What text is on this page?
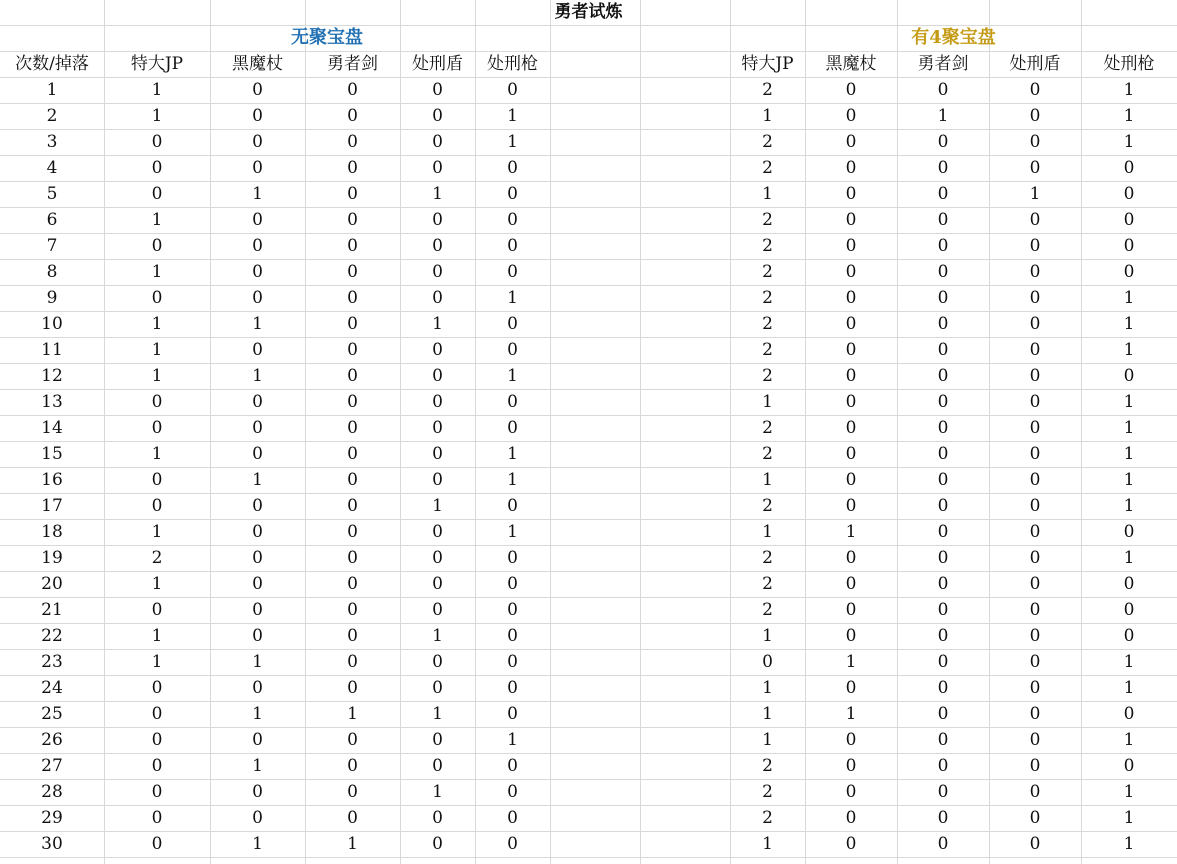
勇者试炼
无聚宝盘	有4聚宝盘
次数/掉落	特大JP	黑魔杖	勇者剑	处刑盾	处刑枪	特大JP	黑魔杖	勇者剑	处刑盾	处刑枪
1	1	0	0	0	0	2	0	0	0	1
2	1	0	0	0	1	1	0	1	0	1
3	0	0	0	0	1	2	0	0	0	1
4	0	0	0	0	0	2	0	0	0	0
5	0	1	0	1	0	1	0	0	1	0
6	1	0	0	0	0	2	0	0	0	0
7	0	0	0	0	0	2	0	0	0	0
8	1	0	0	0	0	2	0	0	0	0
9	0	0	0	0	1	2	0	0	0	1
10	1	1	0	1	0	2	0	0	0	1
11	1	0	0	0	0	2	0	0	0	1
12	1	1	0	0	1	2	0	0	0	0
13	0	0	0	0	0	1	0	0	0	1
14	0	0	0	0	0	2	0	0	0	1
15	1	0	0	0	1	2	0	0	0	1
16	0	1	0	0	1	1	0	0	0	1
17	0	0	0	1	0	2	0	0	0	1
18	1	0	0	0	1	1	1	0	0	0
19	2	0	0	0	0	2	0	0	0	1
20	1	0	0	0	0	2	0	0	0	0
21	0	0	0	0	0	2	0	0	0	0
22	1	0	0	1	0	1	0	0	0	0
23	1	1	0	0	0	0	1	0	0	1
24	0	0	0	0	0	1	0	0	0	1
25	0	1	1	1	0	1	1	0	0	0
26	0	0	0	0	1	1	0	0	0	1
27	0	1	0	0	0	2	0	0	0	0
28	0	0	0	1	0	2	0	0	0	1
29	0	0	0	0	0	2	0	0	0	1
30	0	1	1	0	0	1	0	0	0	1
